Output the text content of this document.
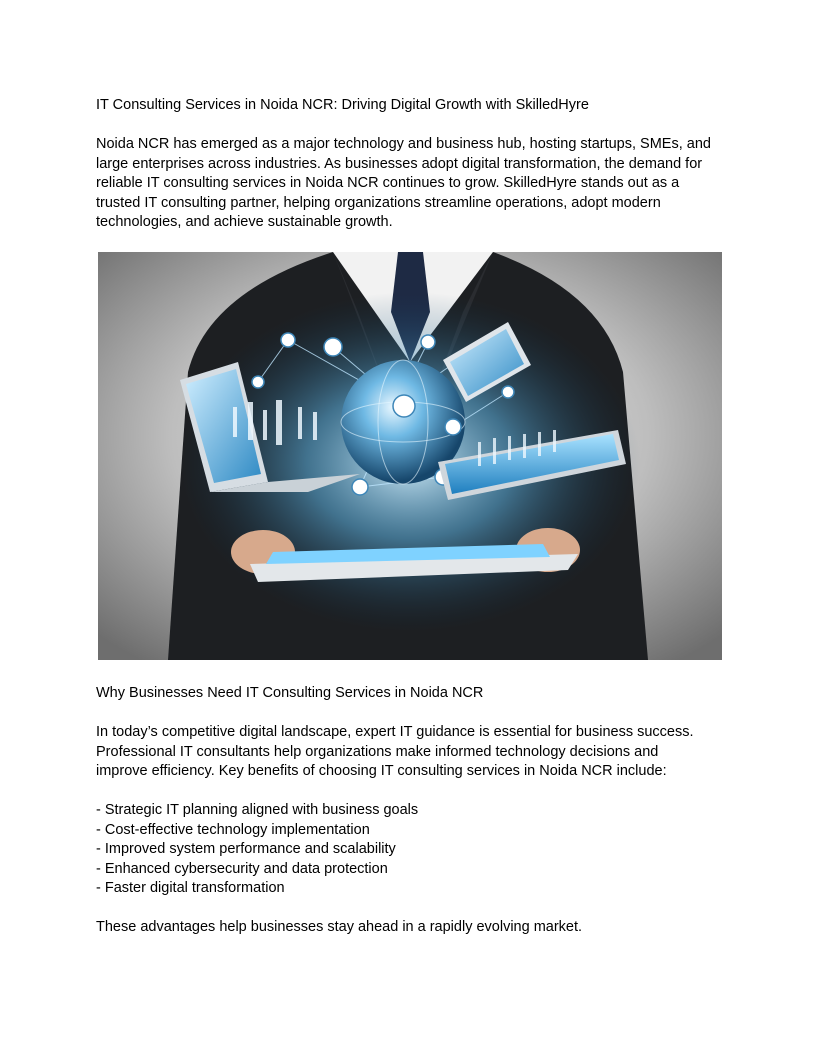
IT Consulting Services in Noida NCR: Driving Digital Growth with SkilledHyre

Noida NCR has emerged as a major technology and business hub, hosting startups, SMEs, and

large enterprises across industries. As businesses adopt digital transformation, the demand for

reliable IT consulting services in Noida NCR continues to grow. SkilledHyre stands out as a

trusted IT consulting partner, helping organizations streamline operations, adopt modern

technologies, and achieve sustainable growth.

Why Businesses Need IT Consulting Services in Noida NCR

In today’s competitive digital landscape, expert IT guidance is essential for business success.

Professional IT consultants help organizations make informed technology decisions and

improve efficiency. Key benefits of choosing IT consulting services in Noida NCR include:

- Strategic IT planning aligned with business goals
- Cost-effective technology implementation
- Improved system performance and scalability
- Enhanced cybersecurity and data protection
- Faster digital transformation

These advantages help businesses stay ahead in a rapidly evolving market.
